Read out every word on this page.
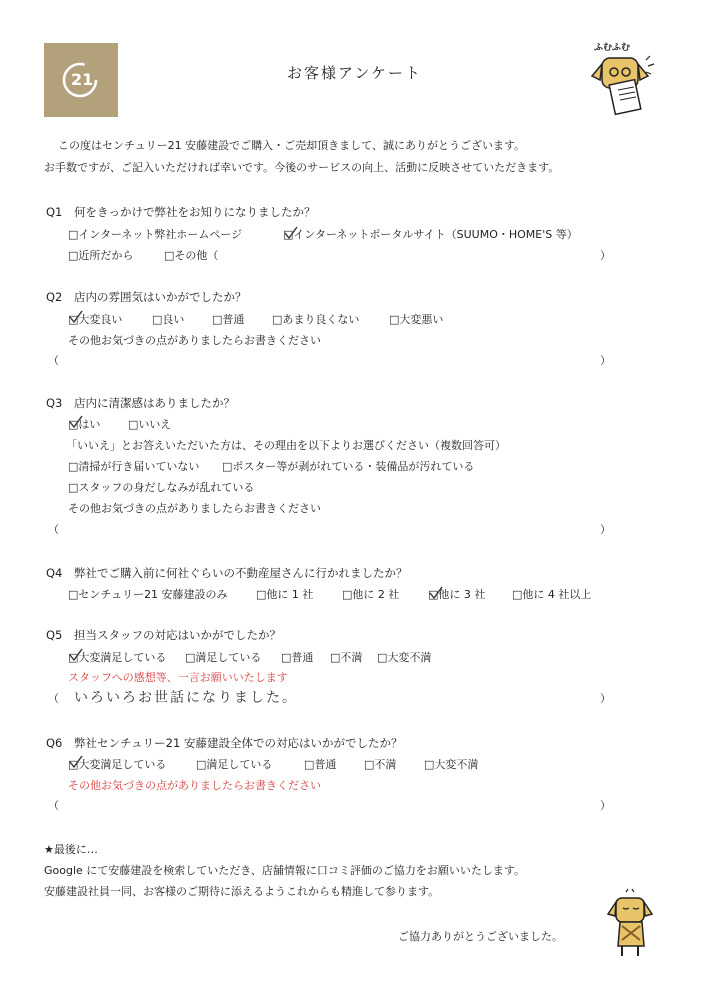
21	お客様アンケート
ふむふむ
この度はセンチュリー21 安藤建設でご購入・ご売却頂きまして、誠にありがとうございます。
お手数ですが、ご記入いただければ幸いです。今後のサービスの向上、活動に反映させていただきます。
Q1 何をきっかけで弊社をお知りになりましたか？
□インターネット弊社ホームページ	□インターネットポータルサイト（SUUMO・HOME'S 等）
□近所だから	□その他（	）
Q2 店内の雰囲気はいかがでしたか？
□大変良い	□良い	□普通	□あまり良くない	□大変悪い
その他お気づきの点がありましたらお書きください
（	）
Q3 店内に清潔感はありましたか？
□はい	□いいえ
「いいえ」とお答えいただいた方は、その理由を以下よりお選びください（複数回答可）
□清掃が行き届いていない □ポスター等が剥がれている・装備品が汚れている
□スタッフの身だしなみが乱れている
その他お気づきの点がありましたらお書きください
（	）
Q4 弊社でご購入前に何社ぐらいの不動産屋さんに行かれましたか？
□センチュリー21 安藤建設のみ	□他に 1 社	□他に 2 社	□他に 3 社 □他に 4 社以上
Q5 担当スタッフの対応はいかがでしたか？
□大変満足している □満足している □普通 □不満 □大変不満
スタッフへの感想等、一言お願いいたします
（ いろいろお世話になりました。	）
Q6 弊社センチュリー21 安藤建設全体での対応はいかがでしたか？
□大変満足している	□満足している	□普通	□不満	□大変不満
その他お気づきの点がありましたらお書きください
（	）
★最後に…
Google にて安藤建設を検索していただき、店舗情報に口コミ評価のご協力をお願いいたします。
安藤建設社員一同、お客様のご期待に添えるようこれからも精進して参ります。
ご協力ありがとうございました。
